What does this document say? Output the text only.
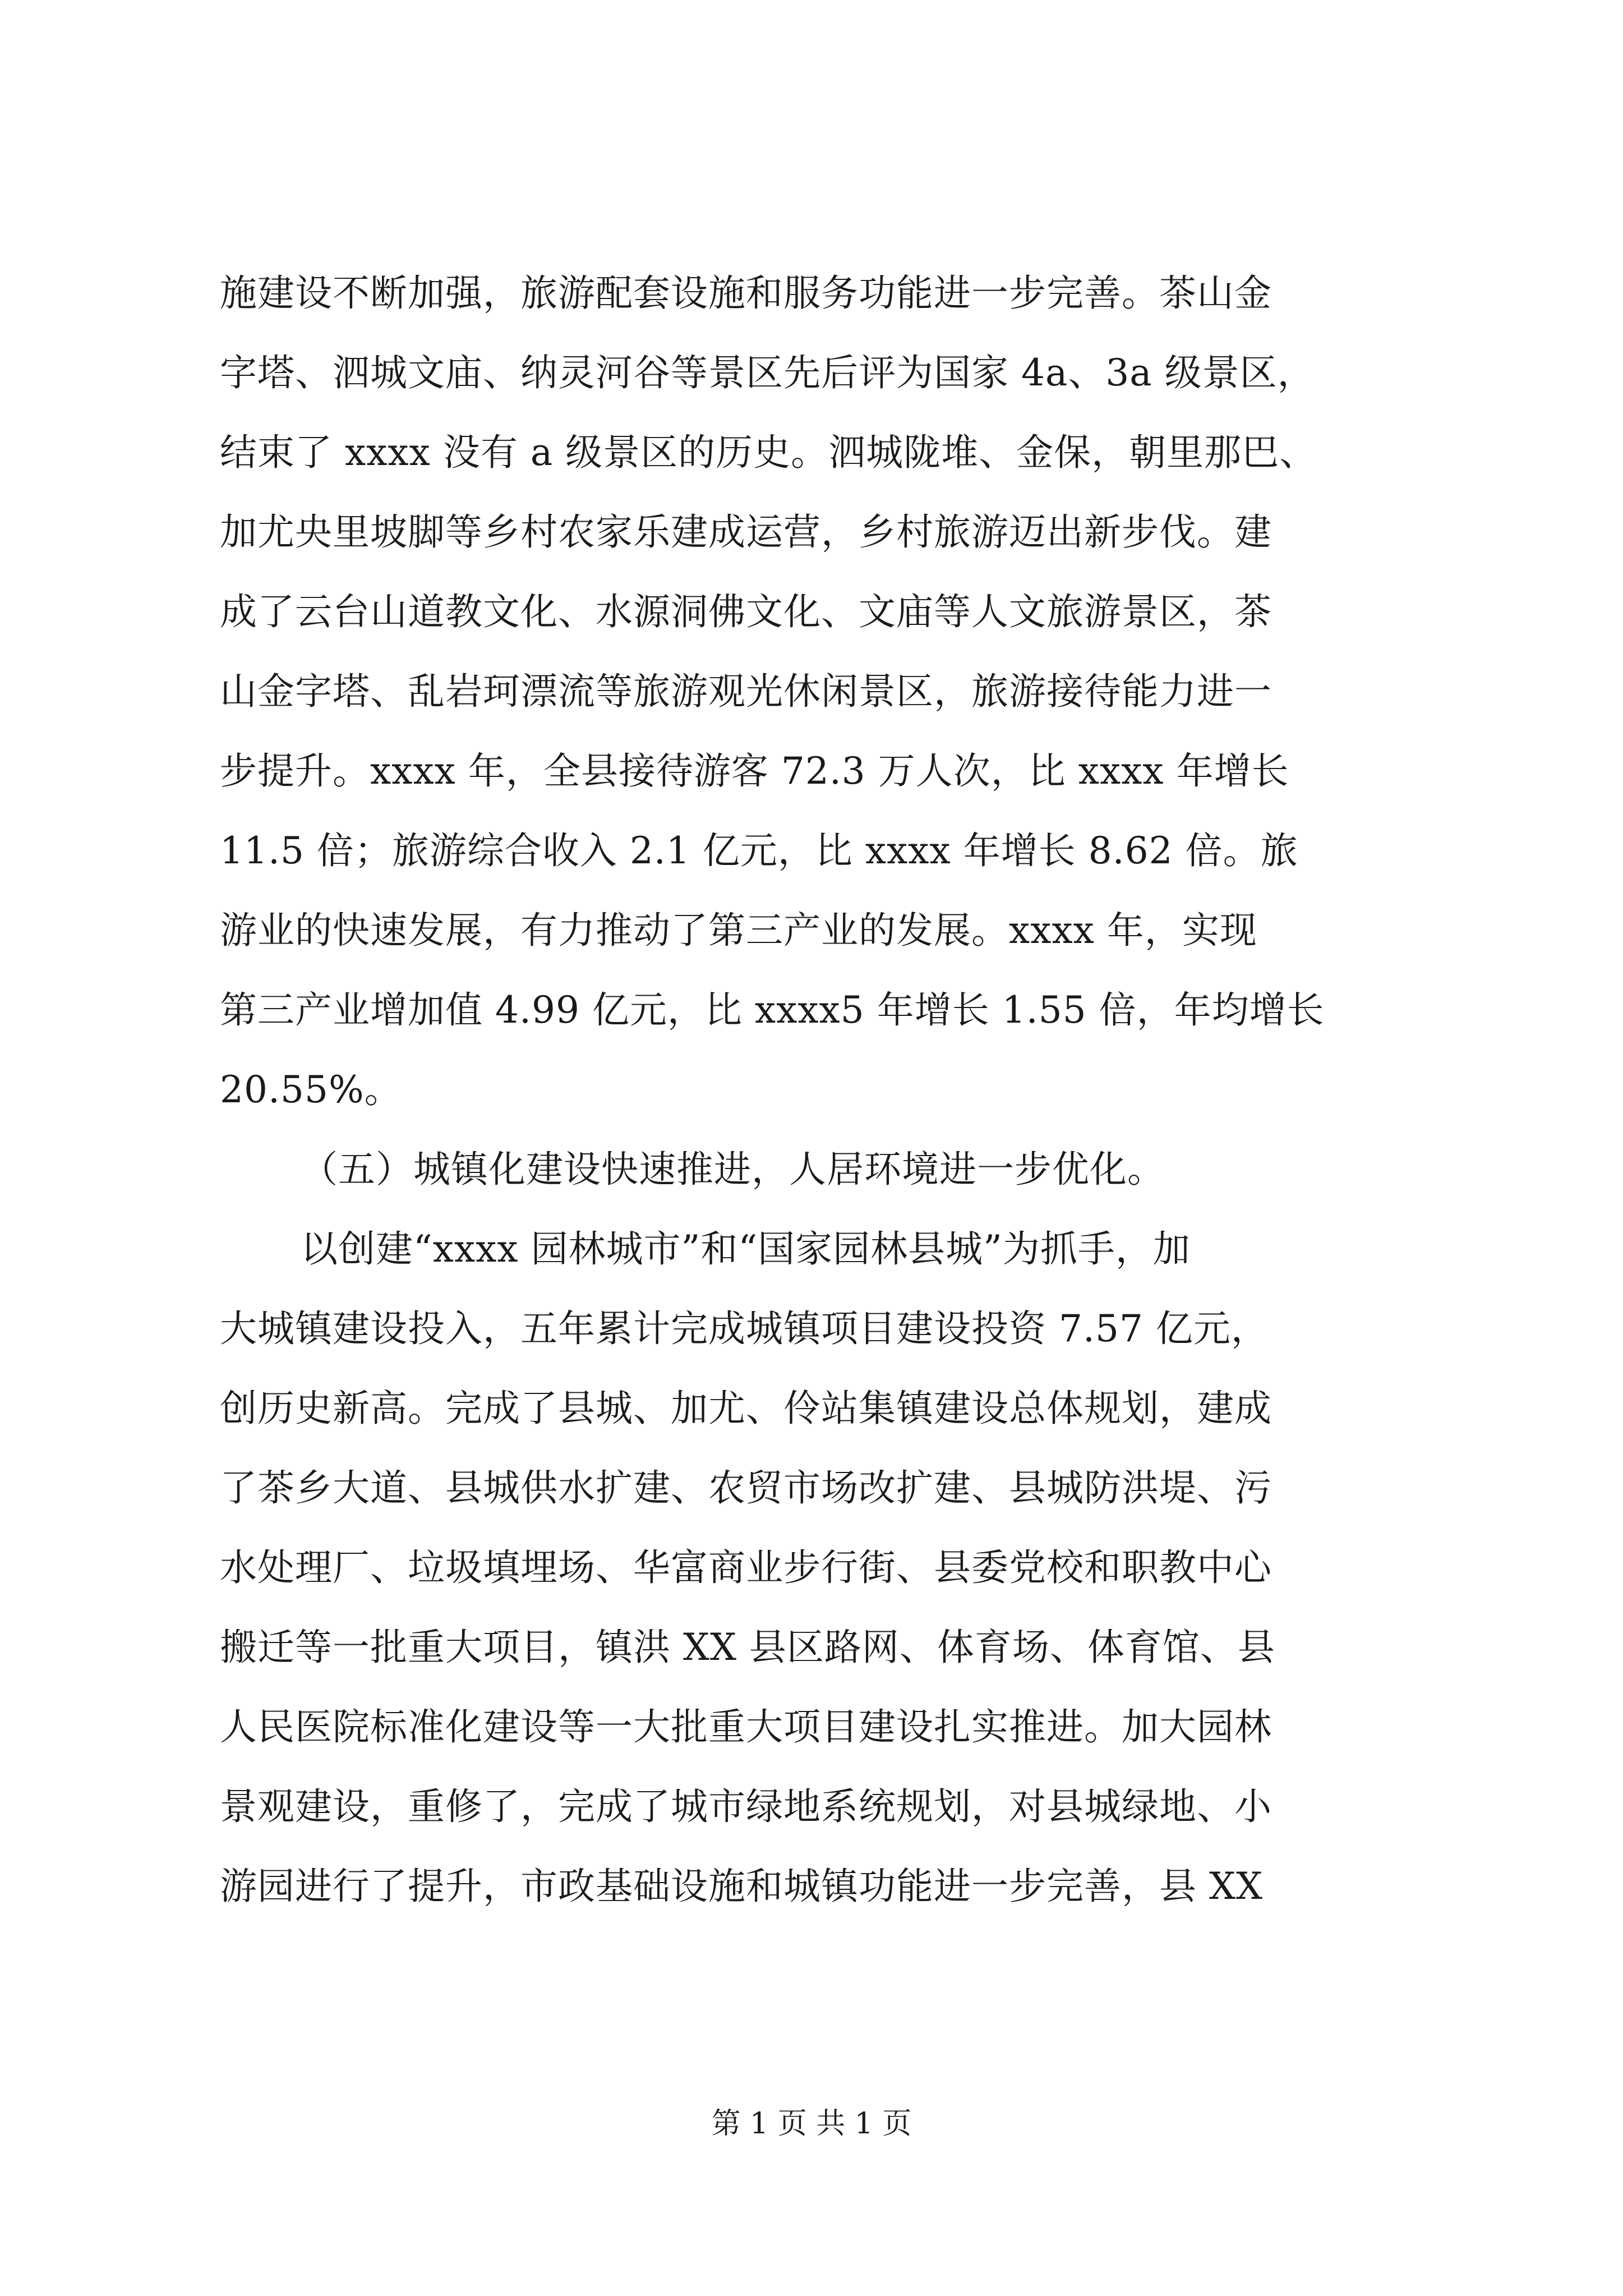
施建设不断加强，旅游配套设施和服务功能进一步完善。茶山金
字塔、泗城文庙、纳灵河谷等景区先后评为国家 4a、3a 级景区，
结束了 xxxx 没有 a 级景区的历史。泗城陇堆、金保，朝里那巴、
加尤央里坡脚等乡村农家乐建成运营，乡村旅游迈出新步伐。建
成了云台山道教文化、水源洞佛文化、文庙等人文旅游景区，茶
山金字塔、乱岩珂漂流等旅游观光休闲景区，旅游接待能力进一
步提升。xxxx 年，全县接待游客 72.3 万人次，比 xxxx 年增长
11.5 倍；旅游综合收入 2.1 亿元，比 xxxx 年增长 8.62 倍。旅
游业的快速发展，有力推动了第三产业的发展。xxxx 年，实现
第三产业增加值 4.99 亿元，比 xxxx5 年增长 1.55 倍，年均增长
20.55%。
（五）城镇化建设快速推进，人居环境进一步优化。
以创建“xxxx 园林城市”和“国家园林县城”为抓手，加
大城镇建设投入，五年累计完成城镇项目建设投资 7.57 亿元，
创历史新高。完成了县城、加尤、伶站集镇建设总体规划，建成
了茶乡大道、县城供水扩建、农贸市场改扩建、县城防洪堤、污
水处理厂、垃圾填埋场、华富商业步行街、县委党校和职教中心
搬迁等一批重大项目，镇洪 XX 县区路网、体育场、体育馆、县
人民医院标准化建设等一大批重大项目建设扎实推进。加大园林
景观建设，重修了，完成了城市绿地系统规划，对县城绿地、小
游园进行了提升，市政基础设施和城镇功能进一步完善，县 XX
第 1 页 共 1 页
